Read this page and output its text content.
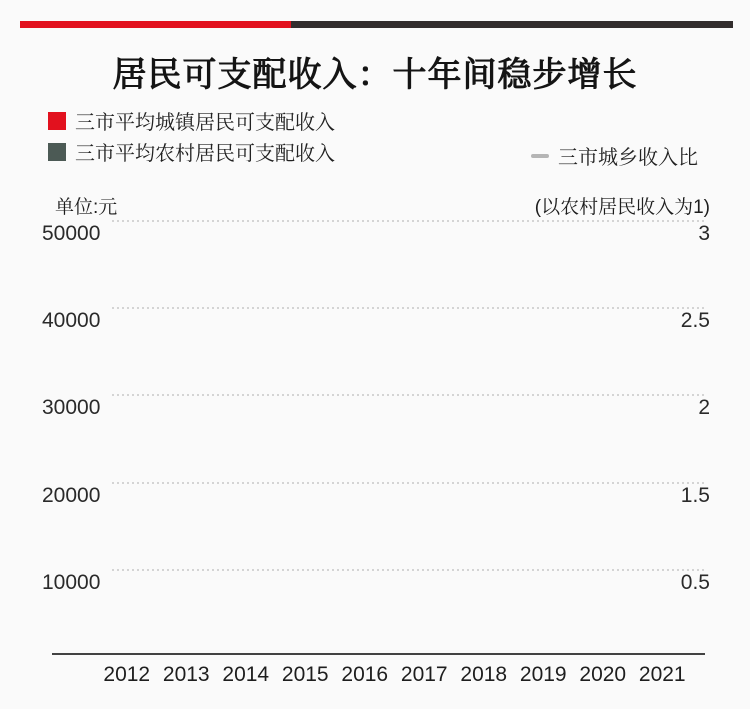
居民可支配收入：十年间稳步增长
三市平均城镇居民可支配收入
三市平均农村居民可支配收入	三市城乡收入比
单位:元	(以农村居民收入为1)
50000
40000
30000
20000
10000
3
2.5
2
1.5
0.5
2012 2013 2014 2015 2016 2017 2018 2019 2020 2021
